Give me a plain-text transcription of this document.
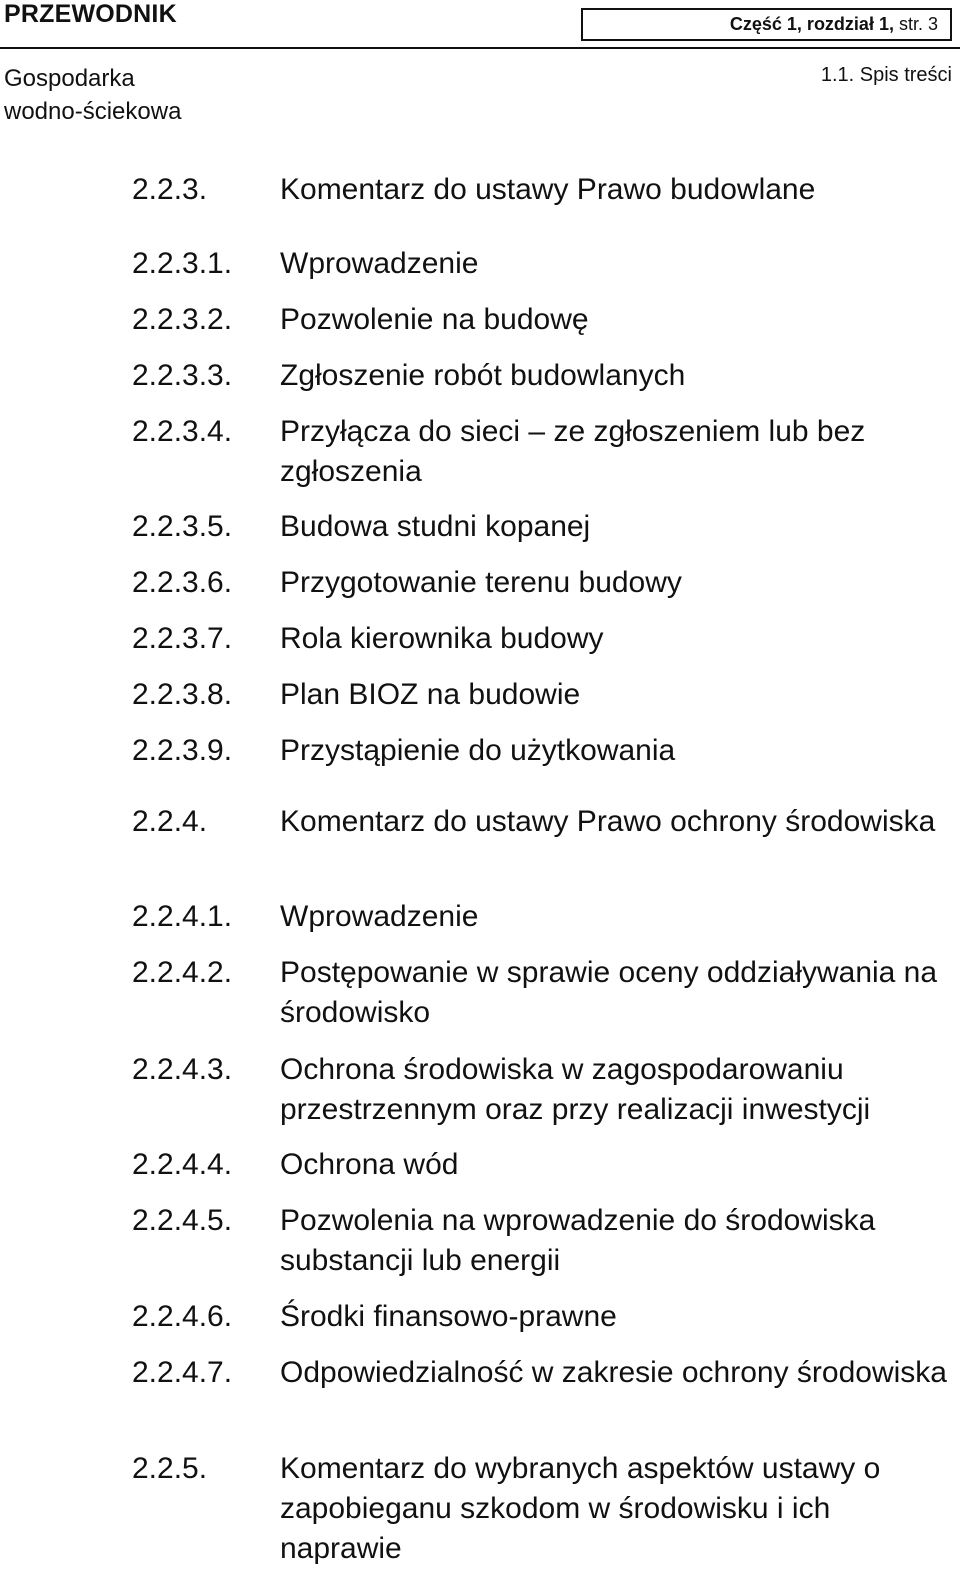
PRZEWODNIK	Część 1, rozdział 1,
str. 3
Gospodarka
wodno-ściekowa
1.1. Spis treści
2.2.3. Komentarz do ustawy Prawo budowlane
2.2.3.1. Wprowadzenie
2.2.3.2. Pozwolenie na budowę
2.2.3.3. Zgłoszenie robót budowlanych
2.2.3.4. Przyłącza do sieci – ze zgłoszeniem lub bez zgłoszenia
2.2.3.5. Budowa studni kopanej
2.2.3.6. Przygotowanie terenu budowy
2.2.3.7. Rola kierownika budowy
2.2.3.8. Plan BIOZ na budowie
2.2.3.9. Przystąpienie do użytkowania
2.2.4. Komentarz do ustawy Prawo ochrony środowiska
2.2.4.1. Wprowadzenie
2.2.4.2. Postępowanie w sprawie oceny oddziaływania na środowisko
2.2.4.3. Ochrona środowiska w zagospodarowaniu przestrzennym oraz przy realizacji inwestycji
2.2.4.4. Ochrona wód
2.2.4.5. Pozwolenia na wprowadzenie do środowiska substancji lub energii
2.2.4.6. Środki finansowo-prawne
2.2.4.7. Odpowiedzialność w zakresie ochrony środowiska
2.2.5. Komentarz do wybranych aspektów ustawy o zapobieganu szkodom w środowisku i ich naprawie
